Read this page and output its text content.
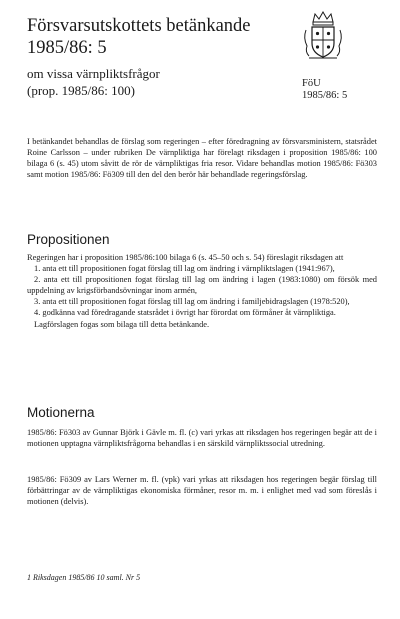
Försvarsutskottets betänkande
1985/86: 5
om vissa värnpliktsfrågor
(prop. 1985/86: 100)	FöU
1985/86: 5

I betänkandet behandlas de förslag som regeringen – efter föredragning av försvarsministern, statsrådet Roine Carlsson – under rubriken De värnpliktiga har förelagt riksdagen i proposition 1985/86: 100 bilaga 6 (s. 45) utom såvitt de rör de värnpliktigas fria resor. Vidare behandlas motion 1985/86: Fö303 samt motion 1985/86: Fö309 till den del den berör här behandlade regeringsförslag.

Propositionen

Regeringen har i proposition 1985/86:100 bilaga 6 (s. 45–50 och s. 54) föreslagit riksdagen att

1. anta ett till propositionen fogat förslag till lag om ändring i värnpliktslagen (1941:967),

2. anta ett till propositionen fogat förslag till lag om ändring i lagen (1983:1080) om försök med uppdelning av krigsförbandsövningar inom armén,

3. anta ett till propositionen fogat förslag till lag om ändring i familjebidragslagen (1978:520),

4. godkänna vad föredragande statsrådet i övrigt har förordat om förmåner åt värnpliktiga.

Lagförslagen fogas som bilaga till detta betänkande.

Motionerna

1985/86: Fö303 av Gunnar Björk i Gävle m. fl. (c) vari yrkas att riksdagen hos regeringen begär att de i motionen upptagna värnpliktsfrågorna behandlas i en särskild värnpliktssocial utredning.

1985/86: Fö309 av Lars Werner m. fl. (vpk) vari yrkas att riksdagen hos regeringen begär förslag till förbättringar av de värnpliktigas ekonomiska förmåner, resor m. m. i enlighet med vad som föreslås i motionen (delvis).

1 Riksdagen 1985/86 10 saml. Nr 5
